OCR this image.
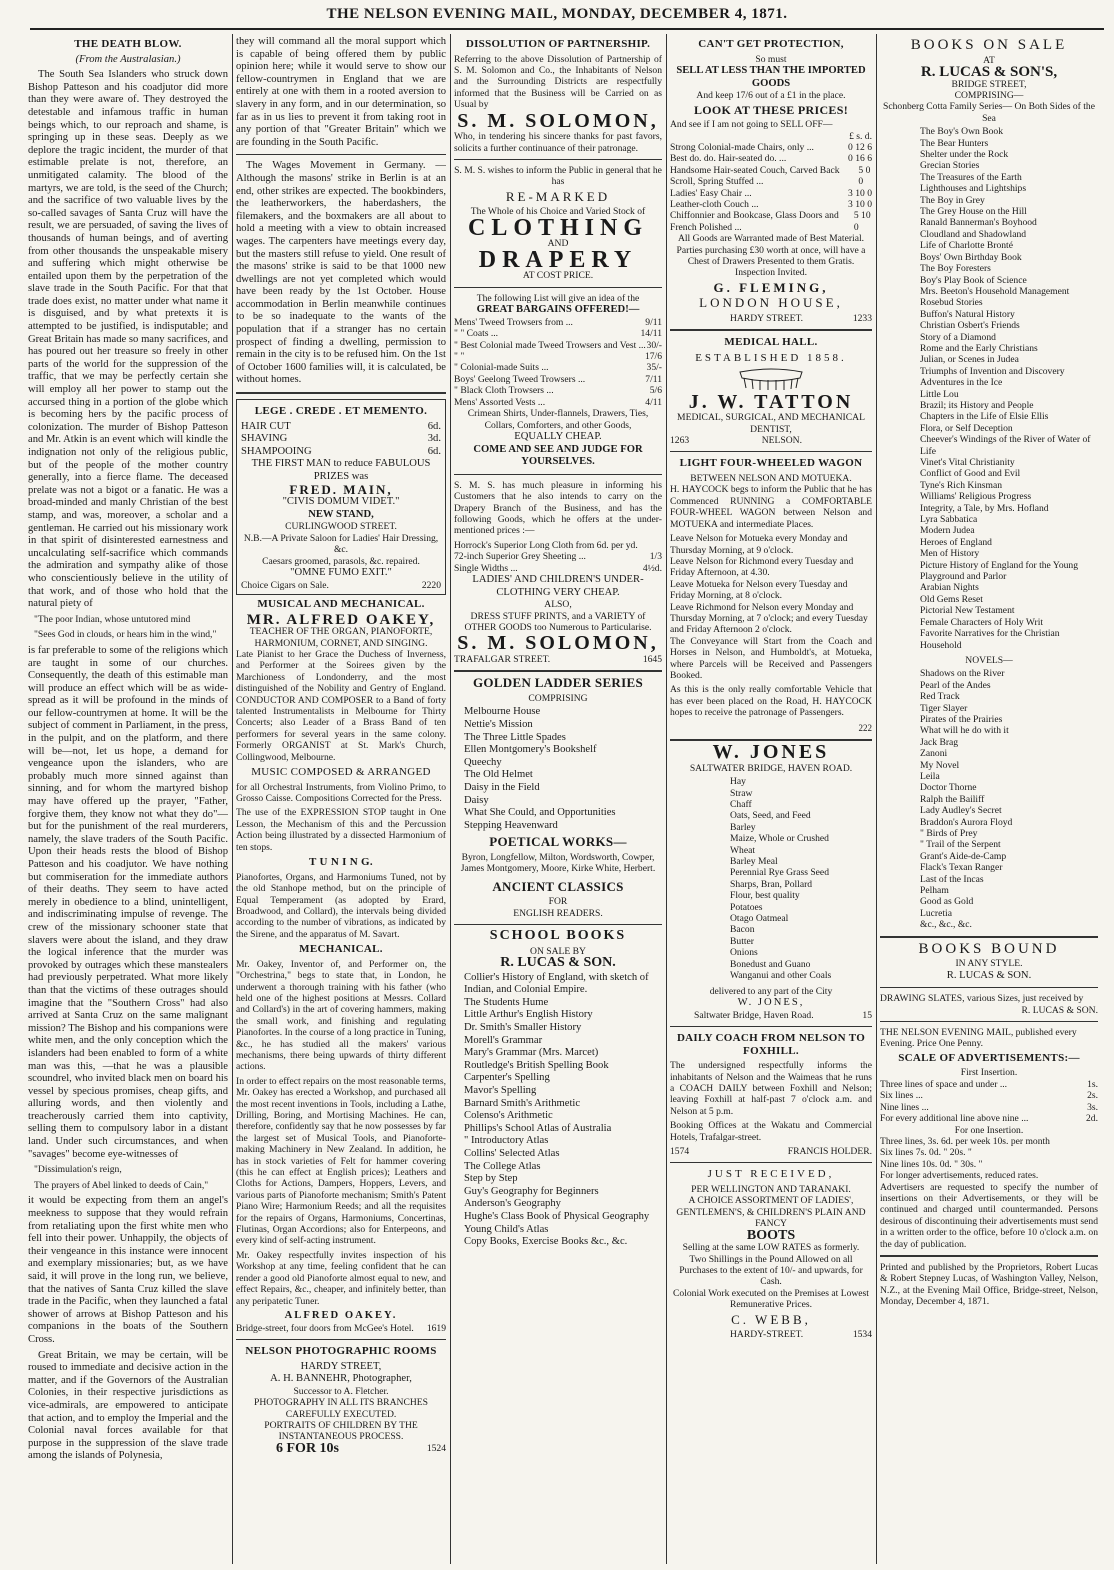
THE NELSON EVENING MAIL, MONDAY, DECEMBER 4, 1871.
THE DEATH BLOW.
(From the Australasian.)

The South Sea Islanders who struck down Bishop Patteson and his coadjutor did more than they were aware of. They destroyed the detestable and infamous traffic in human beings which, to our reproach and shame, is springing up in these seas. Deeply as we deplore the tragic incident, the murder of that estimable prelate is not, therefore, an unmitigated calamity. The blood of the martyrs, we are told, is the seed of the Church; and the sacrifice of two valuable lives by the so-called savages of Santa Cruz will have the result, we are persuaded, of saving the lives of thousands of human beings, and of averting from other thousands the unspeakable misery and suffering which might otherwise be entailed upon them by the perpetration of the slave trade in the South Pacific. For that that trade does exist, no matter under what name it is disguised, and by what pretexts it is attempted to be justified, is indisputable; and Great Britain has made so many sacrifices, and has poured out her treasure so freely in other parts of the world for the suppression of the traffic, that we may be perfectly certain she will employ all her power to stamp out the accursed thing in a portion of the globe which is becoming hers by the pacific process of colonization. The murder of Bishop Patteson and Mr. Atkin is an event which will kindle the indignation not only of the religious public, but of the people of the mother country generally, into a fierce flame. The deceased prelate was not a bigot or a fanatic. He was a broad-minded and manly Christian of the best stamp, and was, moreover, a scholar and a gentleman. He carried out his missionary work in that spirit of disinterested earnestness and uncalculating self-sacrifice which commands the admiration and sympathy alike of those who conscientiously believe in the utility of that work, and of those who hold that the natural piety of

"The poor Indian, whose untutored mind
"Sees God in clouds, or hears him in the wind,"

is far preferable to some of the religions which are taught in some of our churches. Consequently, the death of this estimable man will produce an effect which will be as wide-spread as it will be profound in the minds of our fellow-countrymen at home. It will be the subject of comment in Parliament, in the press, in the pulpit, and on the platform, and there will be—not, let us hope, a demand for vengeance upon the islanders, who are probably much more sinned against than sinning, and for whom the martyred bishop may have offered up the prayer, "Father, forgive them, they know not what they do"—but for the punishment of the real murderers, namely, the slave traders of the South Pacific. Upon their heads rests the blood of Bishop Patteson and his coadjutor. We have nothing but commiseration for the immediate authors of their deaths. They seem to have acted merely in obedience to a blind, unintelligent, and indiscriminating impulse of revenge. The crew of the missionary schooner state that slavers were about the island, and they draw the logical inference that the murder was provoked by outrages which these manstealers had previously perpetrated. What more likely than that the victims of these outrages should imagine that the "Southern Cross" had also arrived at Santa Cruz on the same malignant mission? The Bishop and his companions were white men, and the only conception which the islanders had been enabled to form of a white man was this, —that he was a plausible scoundrel, who invited black men on board his vessel by specious promises, cheap gifts, and alluring words, and then violently and treacherously carried them into captivity, selling them to compulsory labor in a distant land. Under such circumstances, and when "savages" become eye-witnesses of

"Dissimulation's reign,
The prayers of Abel linked to deeds of Cain,"

it would be expecting from them an angel's meekness to suppose that they would refrain from retaliating upon the first white men who fell into their power. Unhappily, the objects of their vengeance in this instance were innocent and exemplary missionaries; but, as we have said, it will prove in the long run, we believe, that the natives of Santa Cruz killed the slave trade in the Pacific, when they launched a fatal shower of arrows at Bishop Patteson and his companions in the boats of the Southern Cross.

Great Britain, we may be certain, will be roused to immediate and decisive action in the matter, and if the Governors of the Australian Colonies, in their respective jurisdictions as vice-admirals, are empowered to anticipate that action, and to employ the Imperial and the Colonial naval forces available for that purpose in the suppression of the slave trade among the islands of Polynesia,

they will command all the moral support which is capable of being offered them by public opinion here; while it would serve to show our fellow-countrymen in England that we are entirely at one with them in a rooted aversion to slavery in any form, and in our determination, so far as in us lies to prevent it from taking root in any portion of that "Greater Britain" which we are founding in the South Pacific.

The Wages Movement in Germany. —Although the masons' strike in Berlin is at an end, other strikes are expected. The bookbinders, the leatherworkers, the haberdashers, the filemakers, and the boxmakers are all about to hold a meeting with a view to obtain increased wages. The carpenters have meetings every day, but the masters still refuse to yield. One result of the masons' strike is said to be that 1000 new dwellings are not yet completed which would have been ready by the 1st October. House accommodation in Berlin meanwhile continues to be so inadequate to the wants of the population that if a stranger has no certain prospect of finding a dwelling, permission to remain in the city is to be refused him. On the 1st of October 1600 families will, it is calculated, be without homes.

LEGE . CREDE . ET MEMENTO.
HAIR CUT	6d.
SHAVING	3d.
SHAMPOOING	6d.
THE FIRST MAN to reduce FABULOUS PRIZES was
FRED. MAIN,
"CIVIS DOMUM VIDET."
NEW STAND,
CURLINGWOOD STREET.
N.B.—A Private Saloon for Ladies' Hair Dressing, &c.
Caesars groomed, parasols, &c. repaired.
"OMNE FUMO EXIT."
Choice Cigars on Sale.	2220
MUSICAL AND MECHANICAL.
MR. ALFRED OAKEY,
TEACHER OF THE ORGAN, PIANOFORTE, HARMONIUM, CORNET, AND SINGING.

Late Pianist to her Grace the Duchess of Inverness, and Performer at the Soirees given by the Marchioness of Londonderry, and the most distinguished of the Nobility and Gentry of England. CONDUCTOR AND COMPOSER to a Band of forty talented Instrumentalists in Melbourne for Thirty Concerts; also Leader of a Brass Band of ten performers for several years in the same colony. Formerly ORGANIST at St. Mark's Church, Collingwood, Melbourne.

MUSIC COMPOSED & ARRANGED

for all Orchestral Instruments, from Violino Primo, to Grosso Caisse. Compositions Corrected for the Press.

The use of the EXPRESSION STOP taught in One Lesson, the Mechanism of this and the Percussion Action being illustrated by a dissected Harmonium of ten stops.

T U N I N G.

Pianofortes, Organs, and Harmoniums Tuned, not by the old Stanhope method, but on the principle of Equal Temperament (as adopted by Erard, Broadwood, and Collard), the intervals being divided according to the number of vibrations, as indicated by the Sirene, and the apparatus of M. Savart.

MECHANICAL.

Mr. Oakey, Inventor of, and Performer on, the "Orchestrina," begs to state that, in London, he underwent a thorough training with his father (who held one of the highest positions at Messrs. Collard and Collard's) in the art of covering hammers, making the small work, and finishing and regulating Pianofortes. In the course of a long practice in Tuning, &c., he has studied all the makers' various mechanisms, there being upwards of thirty different actions.

In order to effect repairs on the most reasonable terms, Mr. Oakey has erected a Workshop, and purchased all the most recent inventions in Tools, including a Lathe, Drilling, Boring, and Mortising Machines. He can, therefore, confidently say that he now possesses by far the largest set of Musical Tools, and Pianoforte-making Machinery in New Zealand. In addition, he has in stock varieties of Felt for hammer covering (this he can effect at English prices); Leathers and Cloths for Actions, Dampers, Hoppers, Levers, and various parts of Pianoforte mechanism; Smith's Patent Piano Wire; Harmonium Reeds; and all the requisites for the repairs of Organs, Harmoniums, Concertinas, Flutinas, Organ Accordions; also for Enterpeons, and every kind of self-acting instrument.

Mr. Oakey respectfully invites inspection of his Workshop at any time, feeling confident that he can render a good old Pianoforte almost equal to new, and effect Repairs, &c., cheaper, and infinitely better, than any peripatetic Tuner.

ALFRED OAKEY.
Bridge-street, four doors from McGee's Hotel. 1619
NELSON PHOTOGRAPHIC ROOMS
HARDY STREET,
A. H. BANNEHR, Photographer,
Successor to A. Fletcher.
PHOTOGRAPHY IN ALL ITS BRANCHES CAREFULLY EXECUTED.
PORTRAITS OF CHILDREN BY THE INSTANTANEOUS PROCESS.
6 FOR 10s	1524
DISSOLUTION OF PARTNERSHIP.

Referring to the above Dissolution of Partnership of S. M. Solomon and Co., the Inhabitants of Nelson and the Surrounding Districts are respectfully informed that the Business will be Carried on as Usual by

S. M. SOLOMON,

Who, in tendering his sincere thanks for past favors, solicits a further continuance of their patronage.

S. M. S. wishes to inform the Public in general that he has
RE-MARKED
The Whole of his Choice and Varied Stock of
CLOTHING
AND
DRAPERY
AT COST PRICE.
The following List will give an idea of the
GREAT BARGAINS OFFERED!—
Mens' Tweed Trowsers from ...	9/11
" " Coats ...	14/11
" Best Colonial made Tweed Trowsers and Vest ... 30/-
" "	17/6
" Colonial-made Suits ...	35/-
Boys' Geelong Tweed Trowsers ...	7/11
" Black Cloth Trowsers ...	5/6
Mens' Assorted Vests ...	4/11
Crimean Shirts, Under-flannels, Drawers, Ties, Collars, Comforters, and other Goods,
EQUALLY CHEAP.
COME AND SEE AND JUDGE FOR YOURSELVES.

S. M. S. has much pleasure in informing his Customers that he also intends to carry on the Drapery Branch of the Business, and has the following Goods, which he offers at the under-mentioned prices :—

Horrock's Superior Long Cloth from 6d. per yd.
72-inch Superior Grey Sheeting ...	1/3
Single Widths ...	4½d.
LADIES' AND CHILDREN'S UNDER-CLOTHING VERY CHEAP.
ALSO,
DRESS STUFF PRINTS, and a VARIETY of OTHER GOODS too Numerous to Particularise.
S. M. SOLOMON,
TRAFALGAR STREET.	1645
GOLDEN LADDER SERIES
COMPRISING
Melbourne House
Nettie's Mission
The Three Little Spades
Ellen Montgomery's Bookshelf
Queechy
The Old Helmet
Daisy in the Field
Daisy
What She Could, and Opportunities
Stepping Heavenward
POETICAL WORKS—
Byron, Longfellow, Milton, Wordsworth, Cowper, James Montgomery, Moore, Kirke White, Herbert.
ANCIENT CLASSICS
FOR
ENGLISH READERS.
SCHOOL BOOKS
ON SALE BY
R. LUCAS & SON.
Collier's History of England, with sketch of Indian, and Colonial Empire.
The Students Hume
Little Arthur's English History
Dr. Smith's Smaller History
Morell's Grammar
Mary's Grammar (Mrs. Marcet)
Routledge's British Spelling Book
Carpenter's Spelling
Mavor's Spelling
Barnard Smith's Arithmetic
Colenso's Arithmetic
Phillips's School Atlas of Australia
" Introductory Atlas
Collins' Selected Atlas
The College Atlas
Step by Step
Guy's Geography for Beginners
Anderson's Geography
Hughe's Class Book of Physical Geography
Young Child's Atlas
Copy Books, Exercise Books &c., &c.
CAN'T GET PROTECTION,
So must
SELL AT LESS THAN THE IMPORTED GOODS
And keep 17/6 out of a £1 in the place.
LOOK AT THESE PRICES!
And see if I am not going to SELL OFF—
£ s. d.
Strong Colonial-made Chairs, only ...	0 12 6
Best do. do. Hair-seated do. ...	0 16 6
Handsome Hair-seated Couch, Carved Back Scroll, Spring Stuffed ...
5 0 0
Ladies' Easy Chair ...	3 10 0
Leather-cloth Couch ...	3 10 0
Chiffonnier and Bookcase, Glass Doors and French Polished ...
5 10 0
All Goods are Warranted made of Best Material.
Parties purchasing £30 worth at once, will have a Chest of Drawers Presented to them Gratis.
Inspection Invited.
G. FLEMING,
LONDON HOUSE,
HARDY STREET.	1233
MEDICAL HALL.
ESTABLISHED 1858.
J. W. TATTON
MEDICAL, SURGICAL, AND MECHANICAL DENTIST,
1263	NELSON.
LIGHT FOUR-WHEELED WAGON
BETWEEN NELSON AND MOTUEKA.

H. HAYCOCK begs to inform the Public that he has Commenced RUNNING a COMFORTABLE FOUR-WHEEL WAGON between Nelson and MOTUEKA and intermediate Places.

Leave Nelson for Motueka every Monday and Thursday Morning, at 9 o'clock.
Leave Nelson for Richmond every Tuesday and Friday Afternoon, at 4.30.
Leave Motueka for Nelson every Tuesday and Friday Morning, at 8 o'clock.
Leave Richmond for Nelson every Monday and Thursday Morning, at 7 o'clock; and every Tuesday and Friday Afternoon 2 o'clock.

The Conveyance will Start from the Coach and Horses in Nelson, and Humboldt's, at Motueka, where Parcels will be Received and Passengers Booked.

As this is the only really comfortable Vehicle that has ever been placed on the Road, H. HAYCOCK hopes to receive the patronage of Passengers.

222
W. JONES
SALTWATER BRIDGE, HAVEN ROAD.
Hay
Straw
Chaff
Oats, Seed, and Feed
Barley
Maize, Whole or Crushed
Wheat
Barley Meal
Perennial Rye Grass Seed
Sharps, Bran, Pollard
Flour, best quality
Potatoes
Otago Oatmeal
Bacon
Butter
Onions
Bonedust and Guano
Wanganui and other Coals
delivered to any part of the City
W. JONES,
Saltwater Bridge, Haven Road.	15
DAILY COACH FROM NELSON TO FOXHILL.

The undersigned respectfully informs the inhabitants of Nelson and the Waimeas that he runs a COACH DAILY between Foxhill and Nelson; leaving Foxhill at half-past 7 o'clock a.m. and Nelson at 5 p.m.

Booking Offices at the Wakatu and Commercial Hotels, Trafalgar-street.

1574	FRANCIS HOLDER.
JUST RECEIVED,
PER WELLINGTON AND TARANAKI.
A CHOICE ASSORTMENT OF LADIES', GENTLEMEN'S, & CHILDREN'S PLAIN AND FANCY
BOOTS
Selling at the same LOW RATES as formerly.
Two Shillings in the Pound Allowed on all Purchases to the extent of 10/- and upwards, for Cash.
Colonial Work executed on the Premises at Lowest Remunerative Prices.
C. WEBB,
HARDY-STREET.	1534
BOOKS ON SALE
AT
R. LUCAS & SON'S,
BRIDGE STREET,
COMPRISING—
Schonberg Cotta Family Series— On Both Sides of the Sea
The Boy's Own Book
The Bear Hunters
Shelter under the Rock
Grecian Stories
The Treasures of the Earth
Lighthouses and Lightships
The Boy in Grey
The Grey House on the Hill
Ranald Bannerman's Boyhood
Cloudland and Shadowland
Life of Charlotte Bronté
Boys' Own Birthday Book
The Boy Foresters
Boy's Play Book of Science
Mrs. Beeton's Household Management
Rosebud Stories
Buffon's Natural History
Christian Osbert's Friends
Story of a Diamond
Rome and the Early Christians
Julian, or Scenes in Judea
Triumphs of Invention and Discovery
Adventures in the Ice
Little Lou
Brazil; its History and People
Chapters in the Life of Elsie Ellis
Flora, or Self Deception
Cheever's Windings of the River of Water of Life
Vinet's Vital Christianity
Conflict of Good and Evil
Tyne's Rich Kinsman
Williams' Religious Progress
Integrity, a Tale, by Mrs. Hofland
Lyra Sabbatica
Modern Judea
Heroes of England
Men of History
Picture History of England for the Young
Playground and Parlor
Arabian Nights
Old Gems Reset
Pictorial New Testament
Female Characters of Holy Writ
Favorite Narratives for the Christian Household
NOVELS—
Shadows on the River
Pearl of the Andes
Red Track
Tiger Slayer
Pirates of the Prairies
What will he do with it
Jack Brag
Zanoni
My Novel
Leila
Doctor Thorne
Ralph the Bailiff
Lady Audley's Secret
Braddon's Aurora Floyd
" Birds of Prey
" Trail of the Serpent
Grant's Aide-de-Camp
Flack's Texan Ranger
Last of the Incas
Pelham
Good as Gold
Lucretia
&c., &c., &c.
BOOKS BOUND
IN ANY STYLE.
R. LUCAS & SON.
DRAWING SLATES, various Sizes, just received by
R. LUCAS & SON.
THE NELSON EVENING MAIL, published every Evening. Price One Penny.
SCALE OF ADVERTISEMENTS:—
First Insertion.
Three lines of space and under ...	1s.
Six lines ...	2s.
Nine lines ...	3s.
For every additional line above nine ...	2d.
For one Insertion.
Three lines, 3s. 6d. per week 10s. per month
Six lines 7s. 0d. " 20s. "
Nine lines 10s. 0d. " 30s. "
For longer advertisements, reduced rates.

Advertisers are requested to specify the number of insertions on their Advertisements, or they will be continued and charged until countermanded. Persons desirous of discontinuing their advertisements must send in a written order to the office, before 10 o'clock a.m. on the day of publication.

Printed and published by the Proprietors, Robert Lucas & Robert Stepney Lucas, of Washington Valley, Nelson, N.Z., at the Evening Mail Office, Bridge-street, Nelson, Monday, December 4, 1871.
